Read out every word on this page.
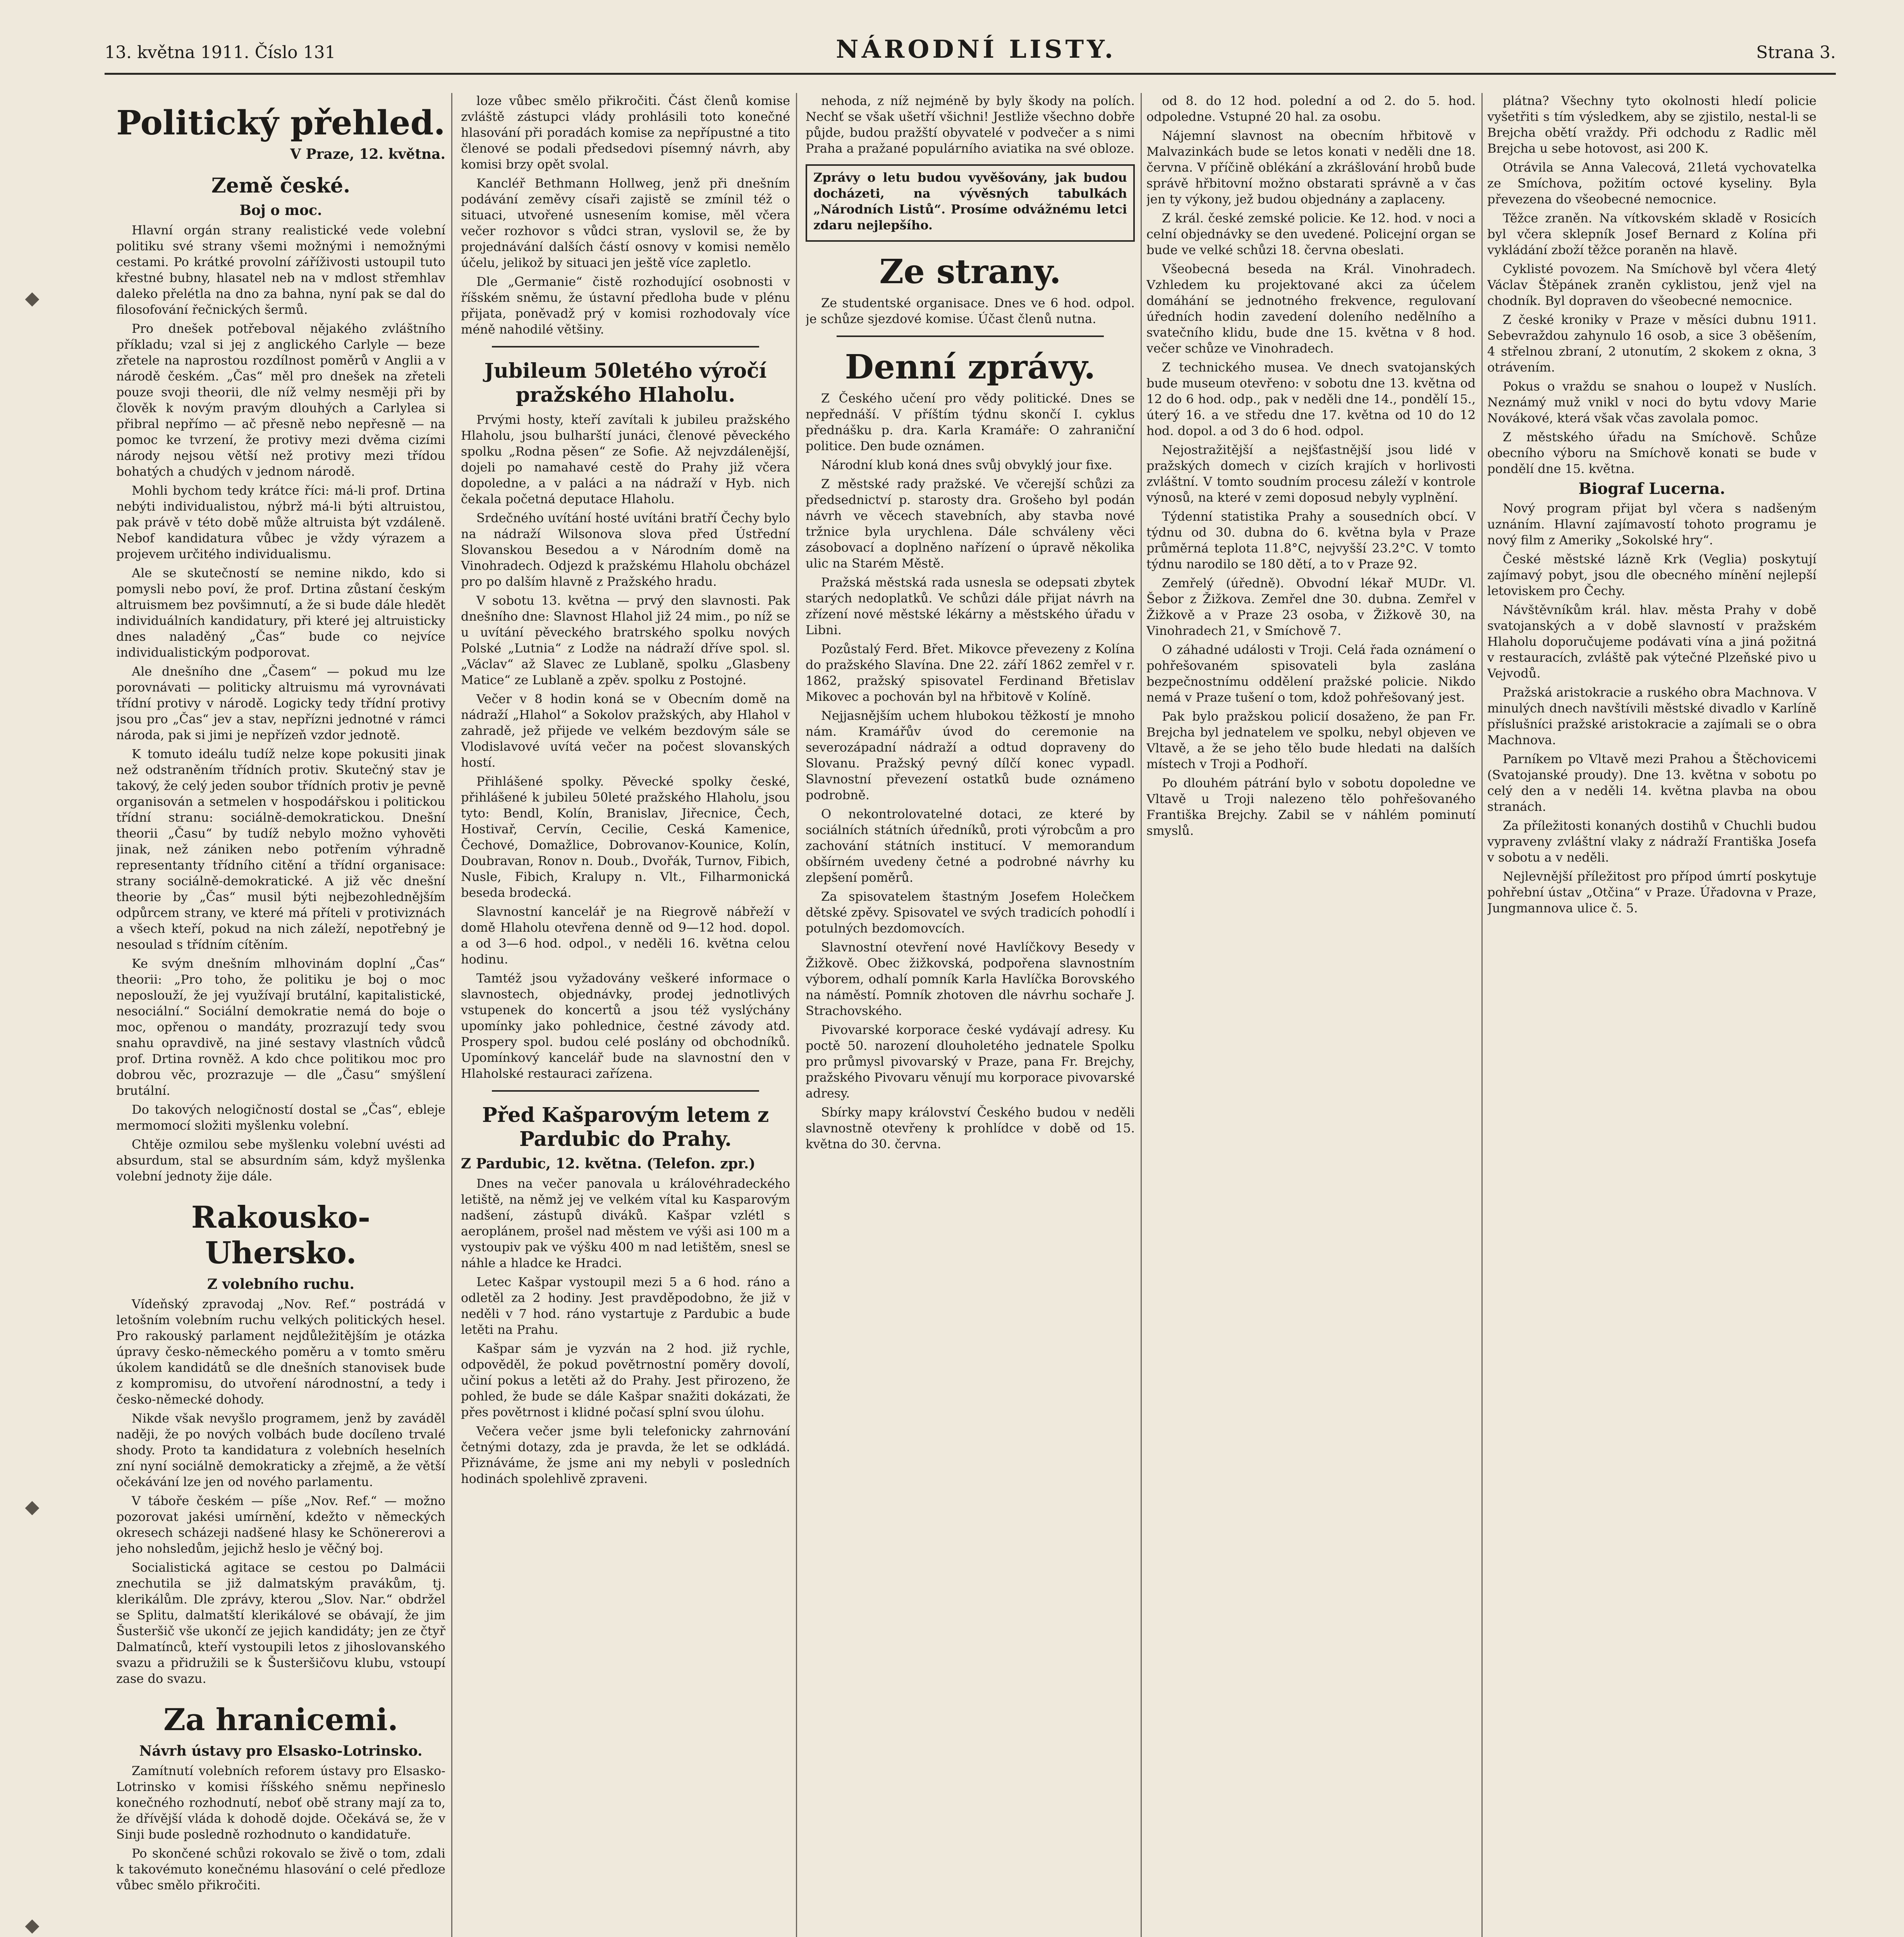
13. května 1911. Číslo 131	NÁRODNÍ LISTY.	Strana 3.
Politický přehled.
V Praze, 12. května.
Země české.
Boj o moc.

Hlavní orgán strany realistické vede volební politiku své strany všemi možnými i nemožnými cestami. Po krátké provolní záříživosti ustoupil tuto křestné bubny, hlasatel neb na v mdlost střemhlav daleko přelétla na dno za bahna, nyní pak se dal do filosofování řečnických šermů.

Pro dnešek potřeboval nějakého zvláštního příkladu; vzal si jej z anglického Carlyle — beze zřetele na naprostou rozdílnost poměrů v Anglii a v národě českém. „Čas“ měl pro dnešek na zřeteli pouze svoji theorii, dle níž velmy nesměji při by člověk k novým pravým dlouhých a Carlylea si přibral nepřímo — ač přesně nebo nepřesně — na pomoc ke tvrzení, že protivy mezi dvěma cizími národy nejsou větší než protivy mezi třídou bohatých a chudých v jednom národě.

Mohli bychom tedy krátce říci: má-li prof. Drtina nebýti individualistou, nýbrž má-li býti altruistou, pak právě v této době může altruista být vzdáleně. Nebof kandidatura vůbec je vždy výrazem a projevem určitého individualismu.

Ale se skutečností se nemine nikdo, kdo si pomysli nebo poví, že prof. Drtina zůstaní českým altruismem bez povšimnutí, a že si bude dále hledět individuálních kandidatury, při které jej altruisticky dnes naladěný „Čas“ bude co nejvíce individualistickým podporovat.

Ale dnešního dne „Časem“ — pokud mu lze porovnávati — politicky altruismu má vyrovnávati třídní protivy v národě. Logicky tedy třídní protivy jsou pro „Čas“ jev a stav, nepřízni jednotné v rámci národa, pak si jimi je nepřízeň vzdor jednotě.

K tomuto ideálu tudíž nelze kope pokusiti jinak než odstraněním třídních protiv. Skutečný stav je takový, že celý jeden soubor třídních protiv je pevně organisován a setmelen v hospodářskou i politickou třídní stranu: sociálně-demokratickou. Dnešní theorii „Času“ by tudíž nebylo možno vyhověti jinak, než zániken nebo potřením výhradně representanty třídního citění a třídní organisace: strany sociálně-demokratické. A již věc dnešní theorie by „Čas“ musil býti nejbezohlednějším odpůrcem strany, ve které má příteli v protiviznách a všech kteří, pokud na nich záleží, nepotřebný je nesoulad s třídním cítěním.

Ke svým dnešním mlhovinám doplní „Čas“ theorii: „Pro toho, že politiku je boj o moc neposlouží, že jej využívají brutální, kapitalistické, nesociální.“ Sociální demokratie nemá do boje o moc, opřenou o mandáty, prozrazují tedy svou snahu opravdivě, na jiné sestavy vlastních vůdců prof. Drtina rovněž. A kdo chce politikou moc pro dobrou věc, prozrazuje — dle „Času“ smýšlení brutální.

Do takových nelogičností dostal se „Čas“, ebleje mermomocí složiti myšlenku volební.

Chtěje ozmilou sebe myšlenku volební uvésti ad absurdum, stal se absurdním sám, když myšlenka volební jednoty žije dále.

Rakousko-Uhersko.
Z volebního ruchu.

Vídeňský zpravodaj „Nov. Ref.“ postrádá v letošním volebním ruchu velkých politických hesel. Pro rakouský parlament nejdůležitějším je otázka úpravy česko-německého poměru a v tomto směru úkolem kandidátů se dle dnešních stanovisek bude z kompromisu, do utvoření národnostní, a tedy i česko-německé dohody.

Nikde však nevyšlo programem, jenž by zaváděl naději, že po nových volbách bude docíleno trvalé shody. Proto ta kandidatura z volebních heselních zní nyní sociálně demokraticky a zřejmě, a že větší očekávání lze jen od nového parlamentu.

V táboře českém — píše „Nov. Ref.“ — možno pozorovat jakési umírnění, kdežto v německých okresech scházeji nadšené hlasy ke Schönererovi a jeho nohsledům, jejichž heslo je věčný boj.

Socialistická agitace se cestou po Dalmácii znechutila se již dalmatským pravákům, tj. klerikálům. Dle zprávy, kterou „Slov. Nar.“ obdržel se Splitu, dalmatští klerikálové se obávají, že jim Šusteršič vše ukončí ze jejich kandidáty; jen ze čtyř Dalmatínců, kteří vystoupili letos z jihoslovanského svazu a přidružili se k Šusteršičovu klubu, vstoupí zase do svazu.

Za hranicemi.
Návrh ústavy pro Elsasko-Lotrinsko.

Zamítnutí volebních reforem ústavy pro Elsasko-Lotrinsko v komisi říšského sněmu nepřineslo konečného rozhodnutí, neboť obě strany mají za to, že dřívější vláda k dohodě dojde. Očekává se, že v Sinji bude posledně rozhodnuto o kandidatuře.

Po skončené schůzi rokovalo se živě o tom, zdali k takovémuto konečnému hlasování o celé předloze vůbec smělo přikročiti.

loze vůbec smělo přikročiti. Část členů komise zvláště zástupci vlády prohlásili toto konečné hlasování při poradách komise za nepřípustné a tito členové se podali předsedovi písemný návrh, aby komisi brzy opět svolal.

Kancléř Bethmann Hollweg, jenž při dnešním podávání zeměvy císaři zajistě se zmínil též o situaci, utvořené usnesením komise, měl včera večer rozhovor s vůdci stran, vyslovil se, že by projednávání dalších částí osnovy v komisi nemělo účelu, jelikož by situaci jen ještě více zapletlo.

Dle „Germanie“ čistě rozhodující osobnosti v říšském sněmu, že ústavní předloha bude v plénu přijata, poněvadž prý v komisi rozhodovaly více méně nahodilé většiny.

Jubileum 50letého výročí pražského Hlaholu.

Prvými hosty, kteří zavítali k jubileu pražského Hlaholu, jsou bulharští junáci, členové pěveckého spolku „Rodna pěsen“ ze Sofie. Až nejvzdálenější, dojeli po namahavé cestě do Prahy již včera dopoledne, a v paláci a na nádraží v Hyb. nich čekala početná deputace Hlaholu.

Srdečného uvítání hosté uvítáni bratří Čechy bylo na nádraží Wilsonova slova před Ústřední Slovanskou Besedou a v Národním domě na Vinohradech. Odjezd k pražskému Hlaholu obcházel pro po dalším hlavně z Pražského hradu.

V sobotu 13. května — prvý den slavnosti. Pak dnešního dne: Slavnost Hlahol již 24 mim., po níž se u uvítání pěveckého bratrského spolku nových Polské „Lutnia“ z Lodže na nádraží dříve spol. sl. „Václav“ až Slavec ze Lublaně, spolku „Glasbeny Matice“ ze Lublaně a zpěv. spolku z Postojné.

Večer v 8 hodin koná se v Obecním domě na nádraží „Hlahol“ a Sokolov pražských, aby Hlahol v zahradě, jež přijede ve velkém bezdovým sále se Vlodislavové uvítá večer na počest slovanských hostí.

Přihlášené spolky. Pěvecké spolky české, přihlášené k jubileu 50leté pražského Hlaholu, jsou tyto: Bendl, Kolín, Branislav, Jiřecnice, Čech, Hostivař, Cervín, Cecilie, Ceská Kamenice, Čechové, Domažlice, Dobrovanov-Kounice, Kolín, Doubravan, Ronov n. Doub., Dvořák, Turnov, Fibich, Nusle, Fibich, Kralupy n. Vlt., Filharmonická beseda brodecká.

Slavnostní kancelář je na Riegrově nábřeží v domě Hlaholu otevřena denně od 9—12 hod. dopol. a od 3—6 hod. odpol., v neděli 16. května celou hodinu.

Tamtéž jsou vyžadovány veškeré informace o slavnostech, objednávky, prodej jednotlivých vstupenek do koncertů a jsou též vyslýchány upomínky jako pohlednice, čestné závody atd. Prospery spol. budou celé poslány od obchodníků. Upomínkový kancelář bude na slavnostní den v Hlaholské restauraci zařízena.

Před Kašparovým letem z Pardubic do Prahy.
Z Pardubic, 12. května. (Telefon. zpr.)

Dnes na večer panovala u královéhradeckého letiště, na němž jej ve velkém vítal ku Kasparovým nadšení, zástupů diváků. Kašpar vzlétl s aeroplánem, prošel nad městem ve výši asi 100 m a vystoupiv pak ve výšku 400 m nad letištěm, snesl se náhle a hladce ke Hradci.

Letec Kašpar vystoupil mezi 5 a 6 hod. ráno a odletěl za 2 hodiny. Jest pravděpodobno, že již v neděli v 7 hod. ráno vystartuje z Pardubic a bude letěti na Prahu.

Kašpar sám je vyzván na 2 hod. již rychle, odpověděl, že pokud povětrnostní poměry dovolí, učiní pokus a letěti až do Prahy. Jest přirozeno, že pohled, že bude se dále Kašpar snažiti dokázati, že přes povětrnost i klidné počasí splní svou úlohu.

Večera večer jsme byli telefonicky zahrnování četnými dotazy, zda je pravda, že let se odkládá. Přiznáváme, že jsme ani my nebyli v posledních hodinách spolehlivě zpraveni.

nehoda, z níž nejméně by byly škody na polích. Nechť se však ušetří všichni! Jestliže všechno dobře půjde, budou pražští obyvatelé v podvečer a s nimi Praha a pražané populárního aviatika na své obloze.

Zprávy o letu budou vyvěšovány, jak budou docházeti, na vývěsných tabulkách „Národních Listů“. Prosíme odvážnému letci zdaru nejlepšího.

Ze strany.

Ze studentské organisace. Dnes ve 6 hod. odpol. je schůze sjezdové komise. Účast členů nutna.

Denní zprávy.

Z Českého učení pro vědy politické. Dnes se nepřednáší. V příštím týdnu skončí I. cyklus přednášku p. dra. Karla Kramáře: O zahraniční politice. Den bude oznámen.

Národní klub koná dnes svůj obvyklý jour fixe.

Z městské rady pražské. Ve včerejší schůzi za předsednictví p. starosty dra. Grošeho byl podán návrh ve věcech stavebních, aby stavba nové tržnice byla urychlena. Dále schváleny věci zásobovací a doplněno nařízení o úpravě několika ulic na Starém Městě.

Pražská městská rada usnesla se odepsati zbytek starých nedoplatků. Ve schůzi dále přijat návrh na zřízení nové městské lékárny a městského úřadu v Libni.

Pozůstalý Ferd. Břet. Mikovce převezeny z Kolína do pražského Slavína. Dne 22. září 1862 zemřel v r. 1862, pražský spisovatel Ferdinand Břetislav Mikovec a pochován byl na hřbitově v Kolíně.

Nejjasnějším uchem hlubokou těžkostí je mnoho nám. Kramářův úvod do ceremonie na severozápadní nádraží a odtud dopraveny do Slovanu. Pražský pevný dílčí konec vypadl. Slavnostní převezení ostatků bude oznámeno podrobně.

O nekontrolovatelné dotaci, ze které by sociálních státních úředníků, proti výrobcům a pro zachování státních institucí. V memorandum obšírném uvedeny četné a podrobné návrhy ku zlepšení poměrů.

Za spisovatelem štastným Josefem Holečkem dětské zpěvy. Spisovatel ve svých tradicích pohodlí i potulných bezdomovcích.

Slavnostní otevření nové Havlíčkovy Besedy v Žižkově. Obec žižkovská, podpořena slavnostním výborem, odhalí pomník Karla Havlíčka Borovského na náměstí. Pomník zhotoven dle návrhu sochaře J. Strachovského.

Pivovarské korporace české vydávají adresy. Ku poctě 50. narození dlouholetého jednatele Spolku pro průmysl pivovarský v Praze, pana Fr. Brejchy, pražského Pivovaru věnují mu korporace pivovarské adresy.

Sbírky mapy království Českého budou v neděli slavnostně otevřeny k prohlídce v době od 15. května do 30. června.

od 8. do 12 hod. polední a od 2. do 5. hod. odpoledne. Vstupné 20 hal. za osobu.

Nájemní slavnost na obecním hřbitově v Malvazinkách bude se letos konati v neděli dne 18. června. V příčině oblékání a zkrášlování hrobů bude správě hřbitovní možno obstarati správně a v čas jen ty výkony, jež budou objednány a zaplaceny.

Z král. české zemské policie. Ke 12. hod. v noci a celní objednávky se den uvedené. Policejní organ se bude ve velké schůzi 18. června obeslati.

Všeobecná beseda na Král. Vinohradech. Vzhledem ku projektované akci za účelem domáhání se jednotného frekvence, regulovaní úředních hodin zavedení doleního nedělního a svatečního klidu, bude dne 15. května v 8 hod. večer schůze ve Vinohradech.

Z technického musea. Ve dnech svatojanských bude museum otevřeno: v sobotu dne 13. května od 12 do 6 hod. odp., pak v neděli dne 14., pondělí 15., úterý 16. a ve středu dne 17. května od 10 do 12 hod. dopol. a od 3 do 6 hod. odpol.

Nejostražitější a nejšťastnější jsou lidé v pražských domech v cizích krajích v horlivosti zvláštní. V tomto soudním procesu záleží v kontrole výnosů, na které v zemi doposud nebyly vyplnění.

Týdenní statistika Prahy a sousedních obcí. V týdnu od 30. dubna do 6. května byla v Praze průměrná teplota 11.8°C, nejvyšší 23.2°C. V tomto týdnu narodilo se 180 dětí, a to v Praze 92.

Zemřelý (úředně). Obvodní lékař MUDr. Vl. Šebor z Žižkova. Zemřel dne 30. dubna. Zemřel v Žižkově a v Praze 23 osoba, v Žižkově 30, na Vinohradech 21, v Smíchově 7.

O záhadné události v Troji. Celá řada oznámení o pohřešovaném spisovateli byla zaslána bezpečnostnímu oddělení pražské policie. Nikdo nemá v Praze tušení o tom, kdož pohřešovaný jest.

Pak bylo pražskou policií dosaženo, že pan Fr. Brejcha byl jednatelem ve spolku, nebyl objeven ve Vltavě, a že se jeho tělo bude hledati na dalších místech v Troji a Podhoří.

Po dlouhém pátrání bylo v sobotu dopoledne ve Vltavě u Troji nalezeno tělo pohřešovaného Františka Brejchy. Zabil se v náhlém pominutí smyslů.

plátna? Všechny tyto okolnosti hledí policie vyšetřiti s tím výsledkem, aby se zjistilo, nestal-li se Brejcha obětí vraždy. Při odchodu z Radlic měl Brejcha u sebe hotovost, asi 200 K.

Otrávila se Anna Valecová, 21letá vychovatelka ze Smíchova, požitím octové kyseliny. Byla převezena do všeobecné nemocnice.

Těžce zraněn. Na vítkovském skladě v Rosicích byl včera sklepník Josef Bernard z Kolína při vykládání zboží těžce poraněn na hlavě.

Cyklisté povozem. Na Smíchově byl včera 4letý Václav Štěpánek zraněn cyklistou, jenž vjel na chodník. Byl dopraven do všeobecné nemocnice.

Z české kroniky v Praze v měsíci dubnu 1911. Sebevraždou zahynulo 16 osob, a sice 3 oběšením, 4 střelnou zbraní, 2 utonutím, 2 skokem z okna, 3 otrávením.

Pokus o vraždu se snahou o loupež v Nuslích. Neznámý muž vnikl v noci do bytu vdovy Marie Novákové, která však včas zavolala pomoc.

Z městského úřadu na Smíchově. Schůze obecního výboru na Smíchově konati se bude v pondělí dne 15. května.

Biograf Lucerna.

Nový program přijat byl včera s nadšeným uznáním. Hlavní zajímavostí tohoto programu je nový film z Ameriky „Sokolské hry“.

České městské lázně Krk (Veglia) poskytují zajímavý pobyt, jsou dle obecného mínění nejlepší letoviskem pro Čechy.

Návštěvníkům král. hlav. města Prahy v době svatojanských a v době slavností v pražském Hlaholu doporučujeme podávati vína a jiná požitná v restauracích, zvláště pak výtečné Plzeňské pivo u Vejvodů.

Pražská aristokracie a ruského obra Machnova. V minulých dnech navštívili městské divadlo v Karlíně příslušníci pražské aristokracie a zajímali se o obra Machnova.

Parníkem po Vltavě mezi Prahou a Štěchovicemi (Svatojanské proudy). Dne 13. května v sobotu po celý den a v neděli 14. května plavba na obou stranách.

Za příležitosti konaných dostihů v Chuchli budou vypraveny zvláštní vlaky z nádraží Františka Josefa v sobotu a v neděli.

Nejlevnější příležitost pro přípod úmrtí poskytuje pohřební ústav „Otčina“ v Praze. Úřadovna v Praze, Jungmannova ulice č. 5.
